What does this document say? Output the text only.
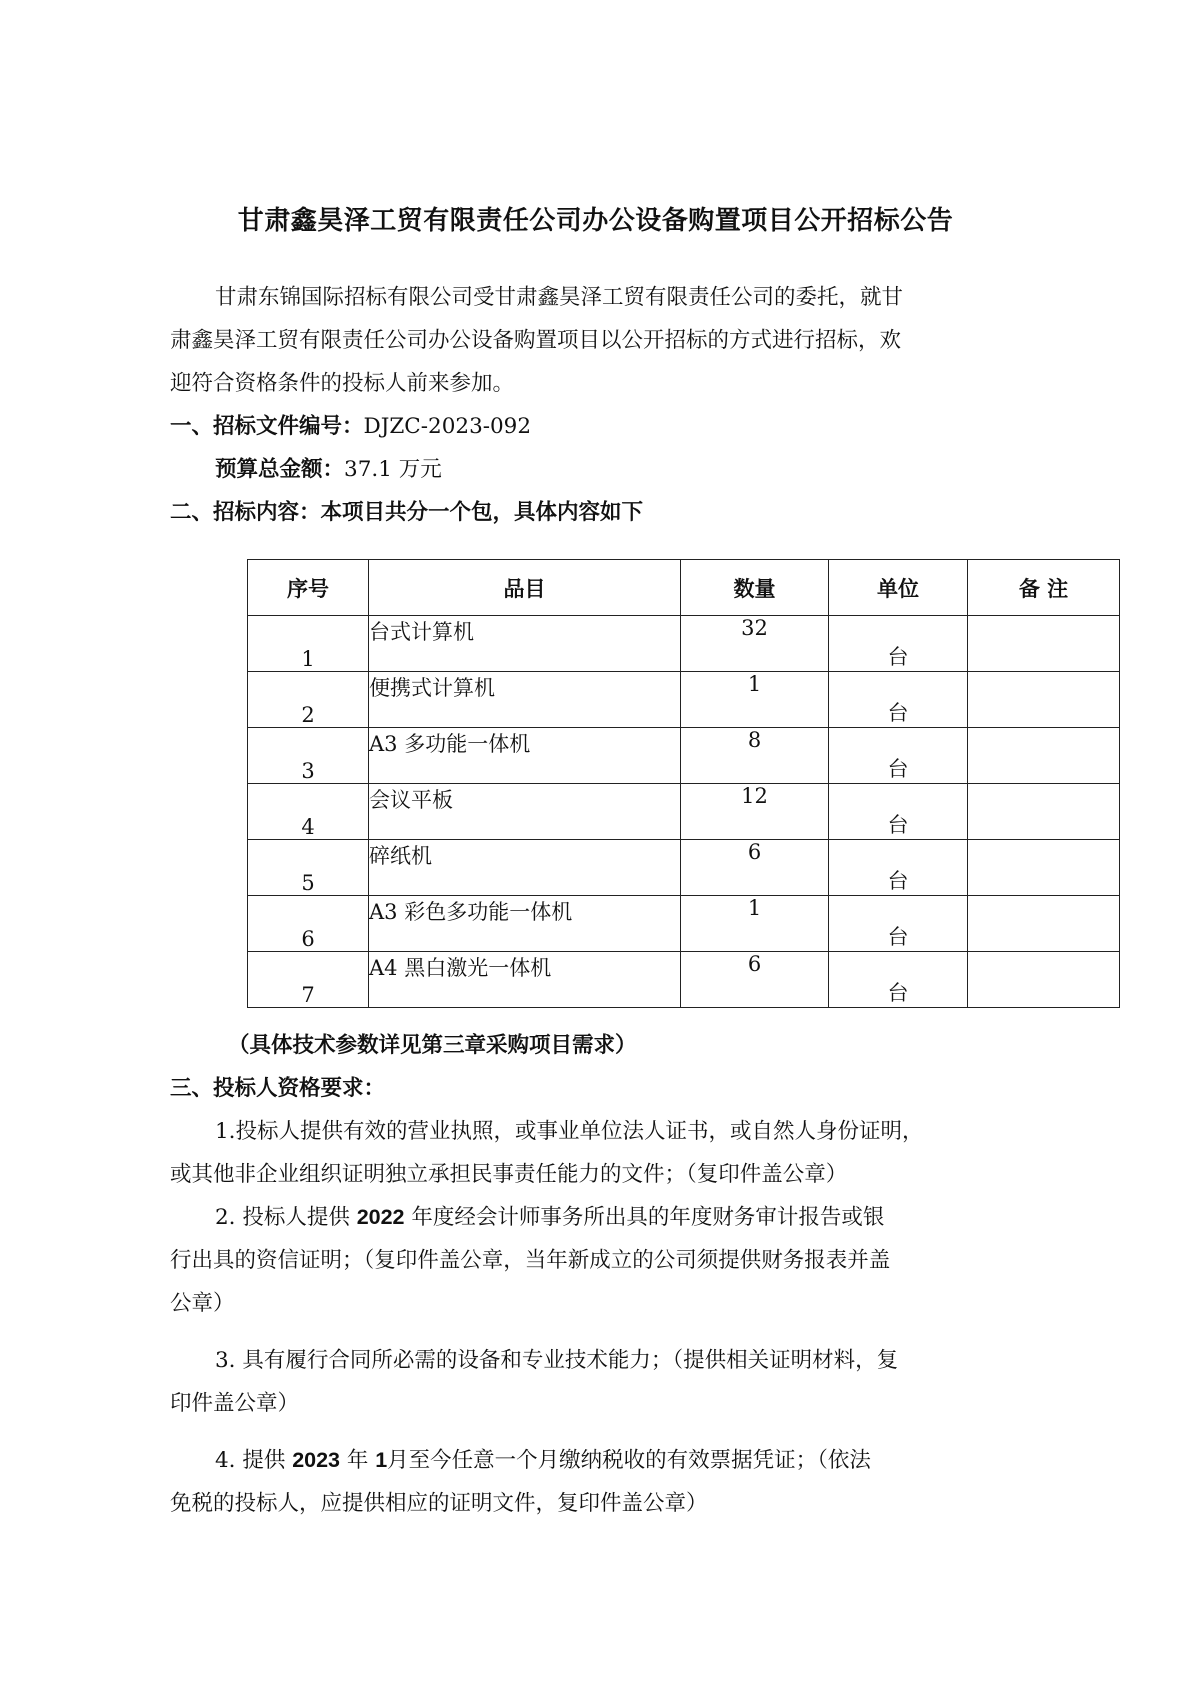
甘肃鑫昊泽工贸有限责任公司办公设备购置项目公开招标公告
甘肃东锦国际招标有限公司受甘肃鑫昊泽工贸有限责任公司的委托，就甘
肃鑫昊泽工贸有限责任公司办公设备购置项目以公开招标的方式进行招标，欢
迎符合资格条件的投标人前来参加。
一、招标文件编号：DJZC-2023-092
预算总金额：37.1 万元
二、招标内容：本项目共分一个包，具体内容如下
序号	品目	数量	单位	备 注
1	台式计算机	32	台	
2	便携式计算机	1	台	
3	A3 多功能一体机	8	台	
4	会议平板	12	台	
5	碎纸机	6	台	
6	A3 彩色多功能一体机	1	台	
7	A4 黑白激光一体机	6	台	
（具体技术参数详见第三章采购项目需求）
三、投标人资格要求：
1.投标人提供有效的营业执照，或事业单位法人证书，或自然人身份证明，
或其他非企业组织证明独立承担民事责任能力的文件；（复印件盖公章）
2. 投标人提供 2022 年度经会计师事务所出具的年度财务审计报告或银
行出具的资信证明；（复印件盖公章，当年新成立的公司须提供财务报表并盖
公章）
3. 具有履行合同所必需的设备和专业技术能力；（提供相关证明材料，复
印件盖公章）
4. 提供 2023 年 1月至今任意一个月缴纳税收的有效票据凭证；（依法
免税的投标人，应提供相应的证明文件，复印件盖公章）
